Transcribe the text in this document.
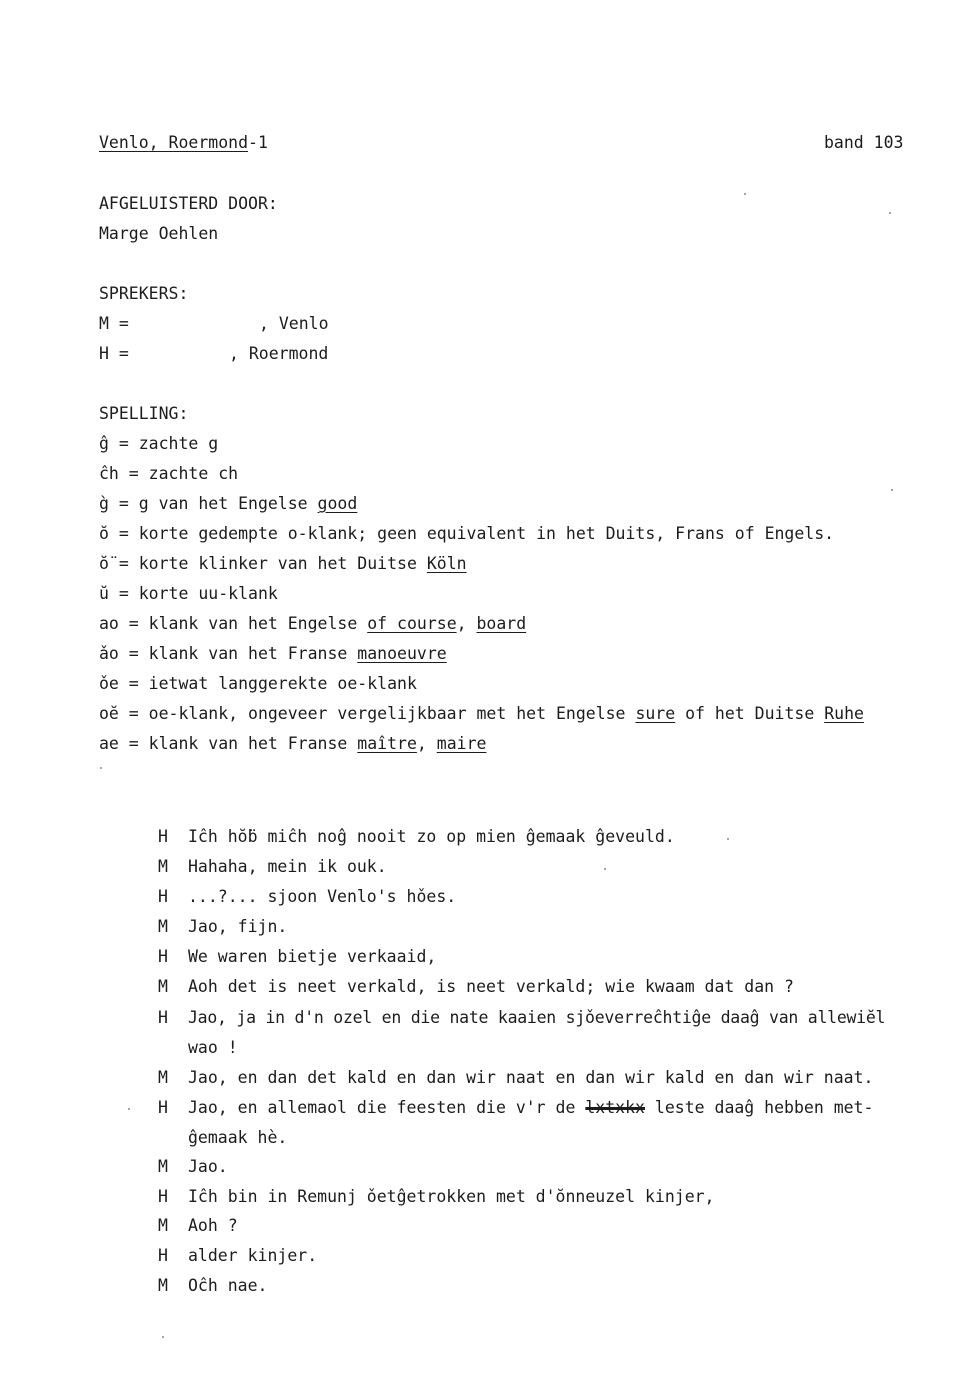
Venlo, Roermond-1	band 103
AFGELUISTERD DOOR:
Marge Oehlen
SPREKERS:
M =	, Venlo
H =	, Roermond
SPELLING:
ĝ = zachte g
ĉh = zachte ch
g̀ = g van het Engelse good
ŏ = korte gedempte o-klank; geen equivalent in het Duits, Frans of Engels.
ŏ̈ = korte klinker van het Duitse Köln
ŭ = korte uu-klank
ao = klank van het Engelse of course, board
ǎo = klank van het Franse manoeuvre
ǒe = ietwat langgerekte oe-klank
oĕ = oe-klank, ongeveer vergelijkbaar met het Engelse sure of het Duitse Ruhe
ae = klank van het Franse maître, maire
H	Iĉh hŏ̈b miĉh noĝ nooit zo op mien ĝemaak ĝeveuld.
M	Hahaha, mein ik ouk.
H	...?... sjoon Venlo's hǒes.
M	Jao, fijn.
H	We waren bietje verkaaid,
M	Aoh det is neet verkald, is neet verkald; wie kwaam dat dan ?
H	Jao, ja in d'n ozel en die nate kaaien sjǒeverreĉhtiĝe daaĝ van allewiĕl
wao !
M	Jao, en dan det kald en dan wir naat en dan wir kald en dan wir naat.
H	Jao, en allemaol die feesten die v'r de lxtxkx leste daaĝ hebben met-
ĝemaak hè.
M	Jao.
H	Iĉh bin in Remunj ǒetĝetrokken met d'ŏnneuzel kinjer,
M	Aoh ?
H	alder kinjer.
M	Oĉh nae.
